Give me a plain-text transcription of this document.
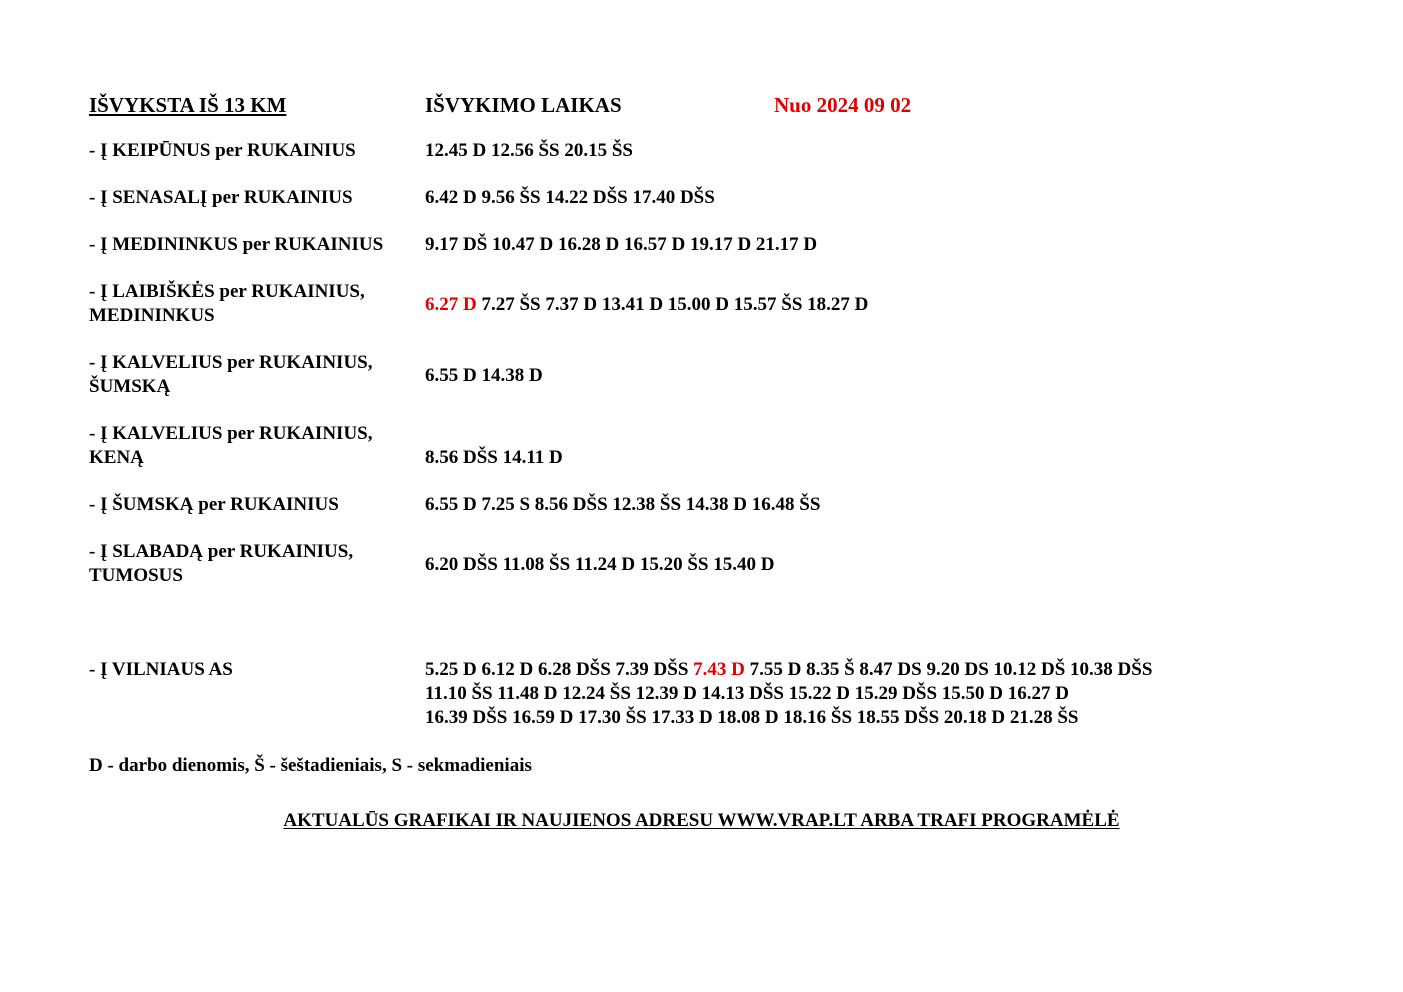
IŠVYKSTA IŠ 13 KM	IŠVYKIMO LAIKAS	Nuo 2024 09 02
- Į KEIPŪNUS per RUKAINIUS
- Į SENASALĮ per RUKAINIUS
- Į MEDININKUS per RUKAINIUS
- Į LAIBIŠKĖS per RUKAINIUS,
MEDININKUS
- Į KALVELIUS per RUKAINIUS,
ŠUMSKĄ
- Į KALVELIUS per RUKAINIUS,
KENĄ
- Į ŠUMSKĄ per RUKAINIUS
- Į SLABADĄ per RUKAINIUS,
TUMOSUS
- Į VILNIAUS AS
12.45 D 12.56 ŠS 20.15 ŠS
6.42 D 9.56 ŠS 14.22 DŠS 17.40 DŠS
9.17 DŠ 10.47 D 16.28 D 16.57 D 19.17 D 21.17 D
6.27 D 7.27 ŠS 7.37 D 13.41 D 15.00 D 15.57 ŠS 18.27 D
6.55 D 14.38 D
8.56 DŠS 14.11 D
6.55 D 7.25 S 8.56 DŠS 12.38 ŠS 14.38 D 16.48 ŠS
6.20 DŠS 11.08 ŠS 11.24 D 15.20 ŠS 15.40 D
5.25 D 6.12 D 6.28 DŠS 7.39 DŠS 7.43 D 7.55 D 8.35 Š 8.47 DS 9.20 DS 10.12 DŠ 10.38 DŠS
11.10 ŠS 11.48 D 12.24 ŠS 12.39 D 14.13 DŠS 15.22 D 15.29 DŠS 15.50 D 16.27 D
16.39 DŠS 16.59 D 17.30 ŠS 17.33 D 18.08 D 18.16 ŠS 18.55 DŠS 20.18 D 21.28 ŠS
D - darbo dienomis, Š - šeštadieniais, S - sekmadieniais
AKTUALŪS GRAFIKAI IR NAUJIENOS ADRESU WWW.VRAP.LT ARBA TRAFI PROGRAMĖLĖ
